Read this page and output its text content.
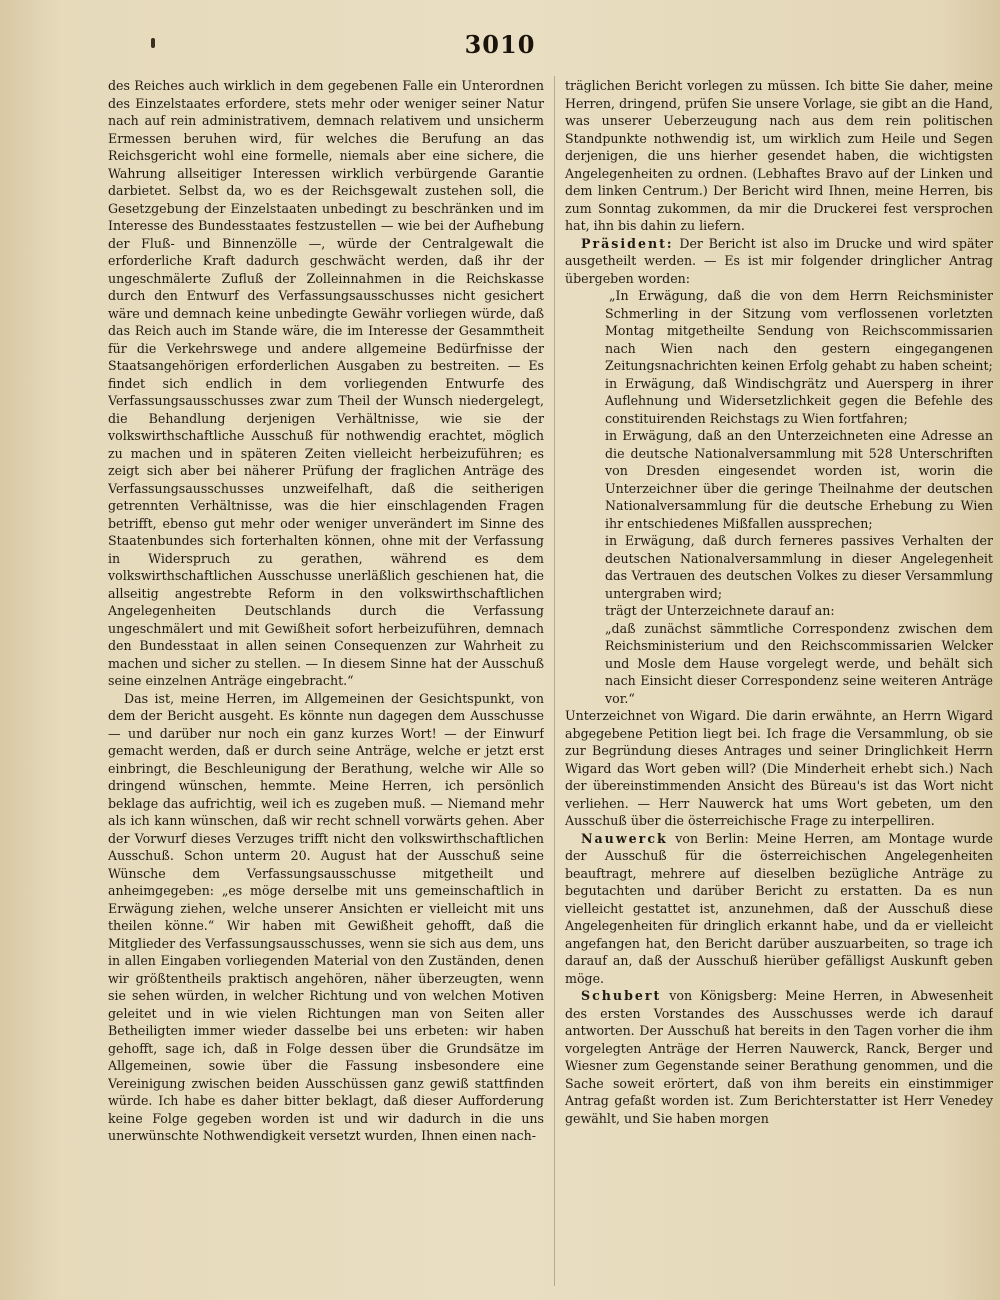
3010

des Reiches auch wirklich in dem gegebenen Falle ein Unterordnen des Einzelstaates erfordere, stets mehr oder weniger seiner Natur nach auf rein administrativem, demnach relativem und unsicherm Ermessen beruhen wird, für welches die Berufung an das Reichsgericht wohl eine formelle, niemals aber eine sichere, die Wahrung allseitiger Interessen wirklich verbürgende Garantie darbietet. Selbst da, wo es der Reichsgewalt zustehen soll, die Gesetzgebung der Einzelstaaten unbedingt zu beschränken und im Interesse des Bundesstaates festzustellen — wie bei der Aufhebung der Fluß- und Binnenzölle —, würde der Centralgewalt die erforderliche Kraft dadurch geschwächt werden, daß ihr der ungeschmälerte Zufluß der Zolleinnahmen in die Reichskasse durch den Entwurf des Verfassungsausschusses nicht gesichert wäre und demnach keine unbedingte Gewähr vorliegen würde, daß das Reich auch im Stande wäre, die im Interesse der Gesammtheit für die Verkehrswege und andere allgemeine Bedürfnisse der Staatsangehörigen erforderlichen Ausgaben zu bestreiten. — Es findet sich endlich in dem vorliegenden Entwurfe des Verfassungsausschusses zwar zum Theil der Wunsch niedergelegt, die Behandlung derjenigen Verhältnisse, wie sie der volkswirthschaftliche Ausschuß für nothwendig erachtet, möglich zu machen und in späteren Zeiten vielleicht herbeizuführen; es zeigt sich aber bei näherer Prüfung der fraglichen Anträge des Verfassungsausschusses unzweifelhaft, daß die seitherigen getrennten Verhältnisse, was die hier einschlagenden Fragen betrifft, ebenso gut mehr oder weniger unverändert im Sinne des Staatenbundes sich forterhalten können, ohne mit der Verfassung in Widerspruch zu gerathen, während es dem volkswirthschaftlichen Ausschusse unerläßlich geschienen hat, die allseitig angestrebte Reform in den volkswirthschaftlichen Angelegenheiten Deutschlands durch die Verfassung ungeschmälert und mit Gewißheit sofort herbeizuführen, demnach den Bundesstaat in allen seinen Consequenzen zur Wahrheit zu machen und sicher zu stellen. — In diesem Sinne hat der Ausschuß seine einzelnen Anträge eingebracht.“

Das ist, meine Herren, im Allgemeinen der Gesichtspunkt, von dem der Bericht ausgeht. Es könnte nun dagegen dem Ausschusse — und darüber nur noch ein ganz kurzes Wort! — der Einwurf gemacht werden, daß er durch seine Anträge, welche er jetzt erst einbringt, die Beschleunigung der Berathung, welche wir Alle so dringend wünschen, hemmte. Meine Herren, ich persönlich beklage das aufrichtig, weil ich es zugeben muß. — Niemand mehr als ich kann wünschen, daß wir recht schnell vorwärts gehen. Aber der Vorwurf dieses Verzuges trifft nicht den volkswirthschaftlichen Ausschuß. Schon unterm 20. August hat der Ausschuß seine Wünsche dem Verfassungsausschusse mitgetheilt und anheimgegeben: „es möge derselbe mit uns gemeinschaftlich in Erwägung ziehen, welche unserer Ansichten er vielleicht mit uns theilen könne.“ Wir haben mit Gewißheit gehofft, daß die Mitglieder des Verfassungsausschusses, wenn sie sich aus dem, uns in allen Eingaben vorliegenden Material von den Zuständen, denen wir größtentheils praktisch angehören, näher überzeugten, wenn sie sehen würden, in welcher Richtung und von welchen Motiven geleitet und in wie vielen Richtungen man von Seiten aller Betheiligten immer wieder dasselbe bei uns erbeten: wir haben gehofft, sage ich, daß in Folge dessen über die Grundsätze im Allgemeinen, sowie über die Fassung insbesondere eine Vereinigung zwischen beiden Ausschüssen ganz gewiß stattfinden würde. Ich habe es daher bitter beklagt, daß dieser Aufforderung keine Folge gegeben worden ist und wir dadurch in die uns unerwünschte Nothwendigkeit versetzt wurden, Ihnen einen nach-

träglichen Bericht vorlegen zu müssen. Ich bitte Sie daher, meine Herren, dringend, prüfen Sie unsere Vorlage, sie gibt an die Hand, was unserer Ueberzeugung nach aus dem rein politischen Standpunkte nothwendig ist, um wirklich zum Heile und Segen derjenigen, die uns hierher gesendet haben, die wichtigsten Angelegenheiten zu ordnen. (Lebhaftes Bravo auf der Linken und dem linken Centrum.) Der Bericht wird Ihnen, meine Herren, bis zum Sonntag zukommen, da mir die Druckerei fest versprochen hat, ihn bis dahin zu liefern.

Präsident: Der Bericht ist also im Drucke und wird später ausgetheilt werden. — Es ist mir folgender dringlicher Antrag übergeben worden:

„In Erwägung, daß die von dem Herrn Reichsminister Schmerling in der Sitzung vom verflossenen vorletzten Montag mitgetheilte Sendung von Reichscommissarien nach Wien nach den gestern eingegangenen Zeitungsnachrichten keinen Erfolg gehabt zu haben scheint;

in Erwägung, daß Windischgrätz und Auersperg in ihrer Auflehnung und Widersetzlichkeit gegen die Befehle des constituirenden Reichstags zu Wien fortfahren;

in Erwägung, daß an den Unterzeichneten eine Adresse an die deutsche Nationalversammlung mit 528 Unterschriften von Dresden eingesendet worden ist, worin die Unterzeichner über die geringe Theilnahme der deutschen Nationalversammlung für die deutsche Erhebung zu Wien ihr entschiedenes Mißfallen aussprechen;

in Erwägung, daß durch ferneres passives Verhalten der deutschen Nationalversammlung in dieser Angelegenheit das Vertrauen des deutschen Volkes zu dieser Versammlung untergraben wird;

trägt der Unterzeichnete darauf an:

„daß zunächst sämmtliche Correspondenz zwischen dem Reichsministerium und den Reichscommissarien Welcker und Mosle dem Hause vorgelegt werde, und behält sich nach Einsicht dieser Correspondenz seine weiteren Anträge vor.“

Unterzeichnet von Wigard. Die darin erwähnte, an Herrn Wigard abgegebene Petition liegt bei. Ich frage die Versammlung, ob sie zur Begründung dieses Antrages und seiner Dringlichkeit Herrn Wigard das Wort geben will? (Die Minderheit erhebt sich.) Nach der übereinstimmenden Ansicht des Büreau's ist das Wort nicht verliehen. — Herr Nauwerck hat ums Wort gebeten, um den Ausschuß über die österreichische Frage zu interpelliren.

Nauwerck von Berlin: Meine Herren, am Montage wurde der Ausschuß für die österreichischen Angelegenheiten beauftragt, mehrere auf dieselben bezügliche Anträge zu begutachten und darüber Bericht zu erstatten. Da es nun vielleicht gestattet ist, anzunehmen, daß der Ausschuß diese Angelegenheiten für dringlich erkannt habe, und da er vielleicht angefangen hat, den Bericht darüber auszuarbeiten, so trage ich darauf an, daß der Ausschuß hierüber gefälligst Auskunft geben möge.

Schubert von Königsberg: Meine Herren, in Abwesenheit des ersten Vorstandes des Ausschusses werde ich darauf antworten. Der Ausschuß hat bereits in den Tagen vorher die ihm vorgelegten Anträge der Herren Nauwerck, Ranck, Berger und Wiesner zum Gegenstande seiner Berathung genommen, und die Sache soweit erörtert, daß von ihm bereits ein einstimmiger Antrag gefaßt worden ist. Zum Berichterstatter ist Herr Venedey gewählt, und Sie haben morgen
